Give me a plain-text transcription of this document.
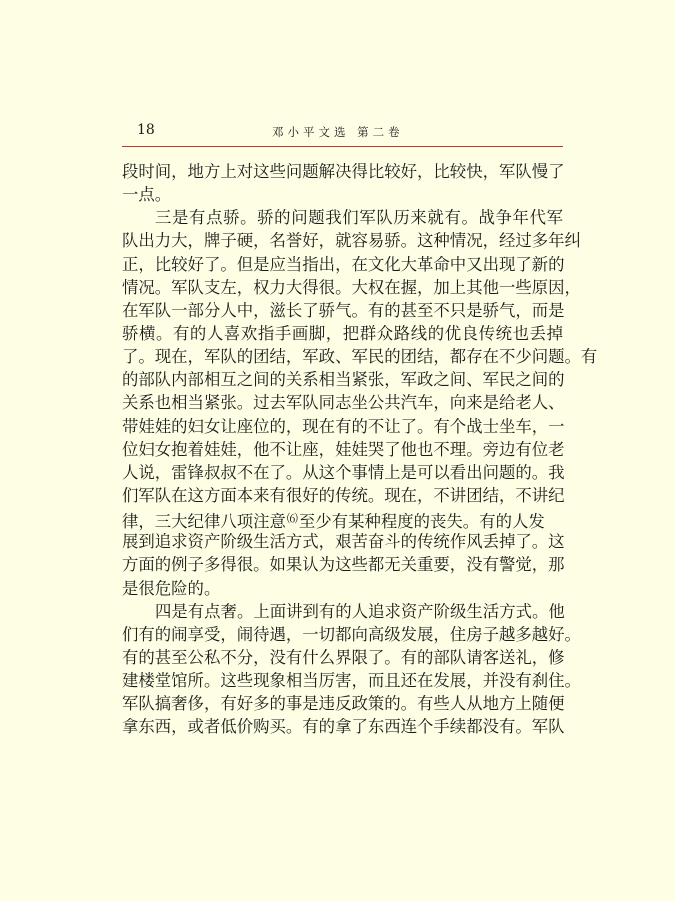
18	邓小平文选 第二卷
段时间，地方上对这些问题解决得比较好，比较快，军队慢了
一点。
三是有点骄。骄的问题我们军队历来就有。战争年代军
队出力大，牌子硬，名誉好，就容易骄。这种情况，经过多年纠
正，比较好了。但是应当指出，在文化大革命中又出现了新的
情况。军队支左，权力大得很。大权在握，加上其他一些原因，
在军队一部分人中，滋长了骄气。有的甚至不只是骄气，而是
骄横。有的人喜欢指手画脚，把群众路线的优良传统也丢掉
了。现在，军队的团结，军政、军民的团结，都存在不少问题。有
的部队内部相互之间的关系相当紧张，军政之间、军民之间的
关系也相当紧张。过去军队同志坐公共汽车，向来是给老人、
带娃娃的妇女让座位的，现在有的不让了。有个战士坐车，一
位妇女抱着娃娃，他不让座，娃娃哭了他也不理。旁边有位老
人说，雷锋叔叔不在了。从这个事情上是可以看出问题的。我
们军队在这方面本来有很好的传统。现在，不讲团结，不讲纪
律，三大纪律八项注意⑹至少有某种程度的丧失。有的人发
展到追求资产阶级生活方式，艰苦奋斗的传统作风丢掉了。这
方面的例子多得很。如果认为这些都无关重要，没有警觉，那
是很危险的。
四是有点奢。上面讲到有的人追求资产阶级生活方式。他
们有的闹享受，闹待遇，一切都向高级发展，住房子越多越好。
有的甚至公私不分，没有什么界限了。有的部队请客送礼，修
建楼堂馆所。这些现象相当厉害，而且还在发展，并没有刹住。
军队搞奢侈，有好多的事是违反政策的。有些人从地方上随便
拿东西，或者低价购买。有的拿了东西连个手续都没有。军队
